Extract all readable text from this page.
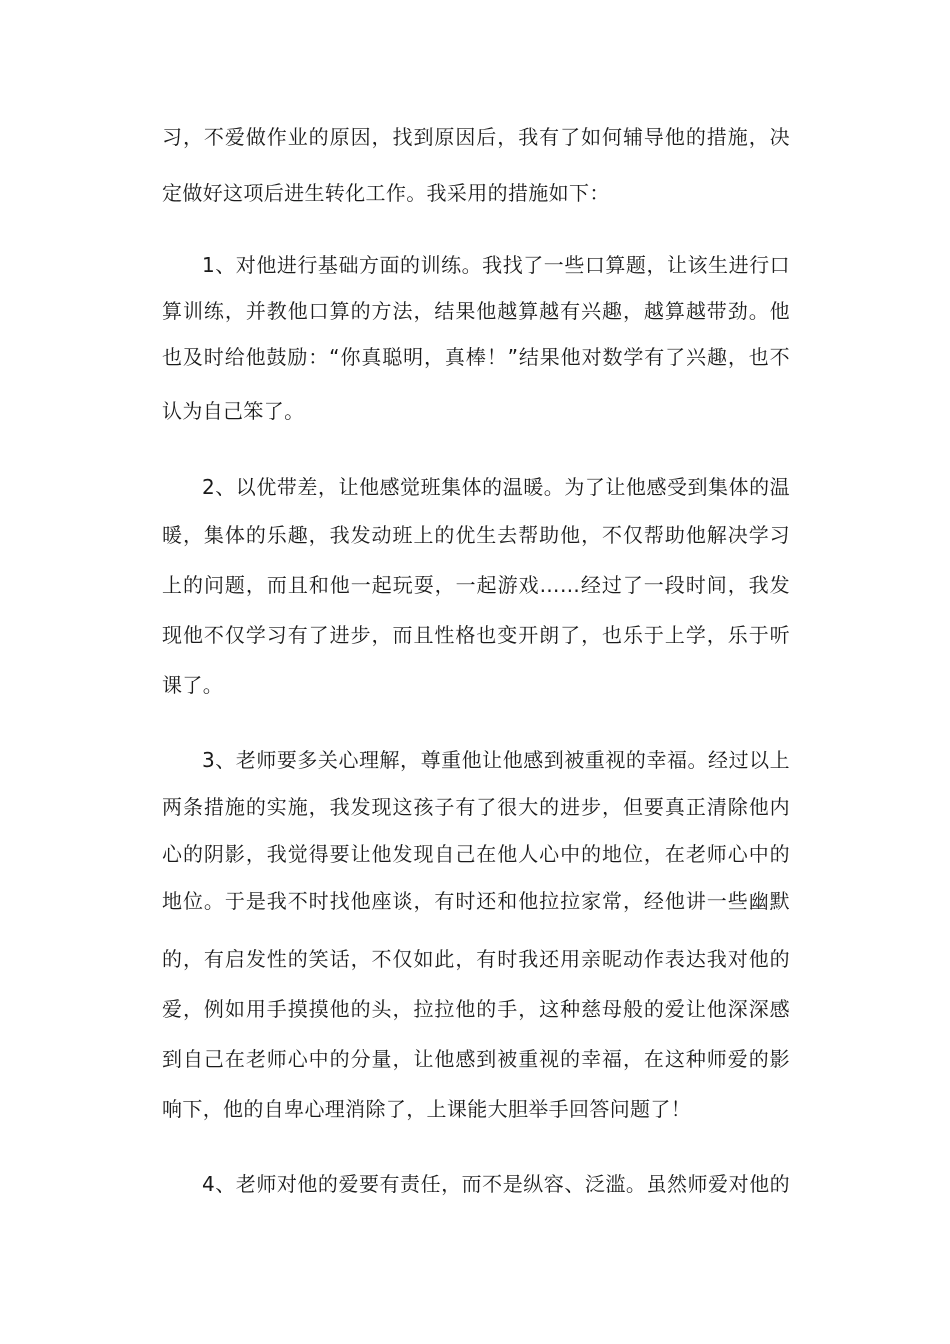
习，不爱做作业的原因，找到原因后，我有了如何辅导他的措施，决
定做好这项后进生转化工作。我采用的措施如下：
1、对他进行基础方面的训练。我找了一些口算题，让该生进行口
算训练，并教他口算的方法，结果他越算越有兴趣，越算越带劲。他
也及时给他鼓励：“你真聪明，真棒！”结果他对数学有了兴趣，也不
认为自己笨了。
2、以优带差，让他感觉班集体的温暖。为了让他感受到集体的温
暖，集体的乐趣，我发动班上的优生去帮助他，不仅帮助他解决学习
上的问题，而且和他一起玩耍，一起游戏……经过了一段时间，我发
现他不仅学习有了进步，而且性格也变开朗了，也乐于上学，乐于听
课了。
3、老师要多关心理解，尊重他让他感到被重视的幸福。经过以上
两条措施的实施，我发现这孩子有了很大的进步，但要真正清除他内
心的阴影，我觉得要让他发现自己在他人心中的地位，在老师心中的
地位。于是我不时找他座谈，有时还和他拉拉家常，经他讲一些幽默
的，有启发性的笑话，不仅如此，有时我还用亲昵动作表达我对他的
爱，例如用手摸摸他的头，拉拉他的手，这种慈母般的爱让他深深感
到自己在老师心中的分量，让他感到被重视的幸福，在这种师爱的影
响下，他的自卑心理消除了，上课能大胆举手回答问题了！
4、老师对他的爱要有责任，而不是纵容、泛滥。虽然师爱对他的
